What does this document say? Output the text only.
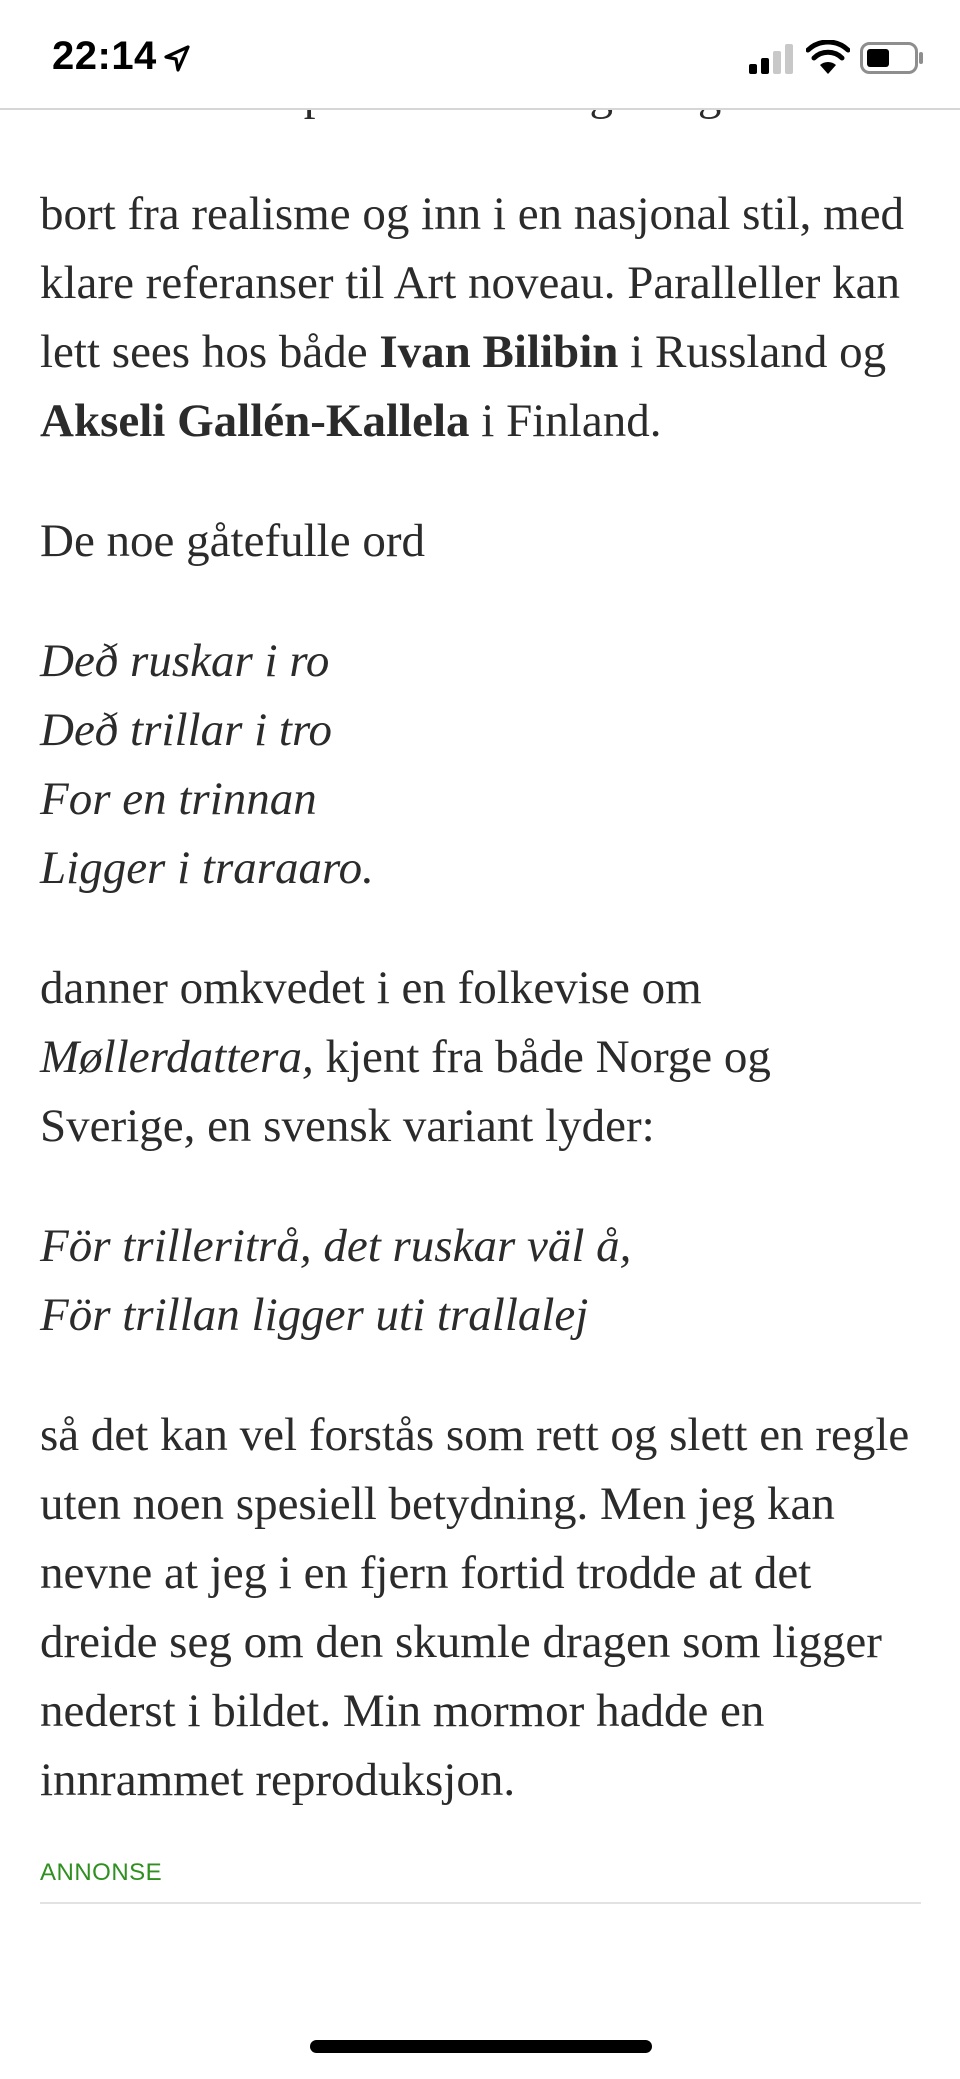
22:14

bort fra realisme og inn i en nasjonal stil, med klare referanser til Art noveau. Paralleller kan lett sees hos både Ivan Bilibin i Russland og Akseli Gallén-Kallela i Finland.

De noe gåtefulle ord

Deð ruskar i ro
Deð trillar i tro
For en trinnan
Ligger i traraaro.

danner omkvedet i en folkevise om Møllerdattera, kjent fra både Norge og Sverige, en svensk variant lyder:

För trilleritrå, det ruskar väl å,
För trillan ligger uti trallalej

så det kan vel forstås som rett og slett en regle uten noen spesiell betydning. Men jeg kan nevne at jeg i en fjern fortid trodde at det dreide seg om den skumle dragen som ligger nederst i bildet. Min mormor hadde en innrammet reproduksjon.

ANNONSE
